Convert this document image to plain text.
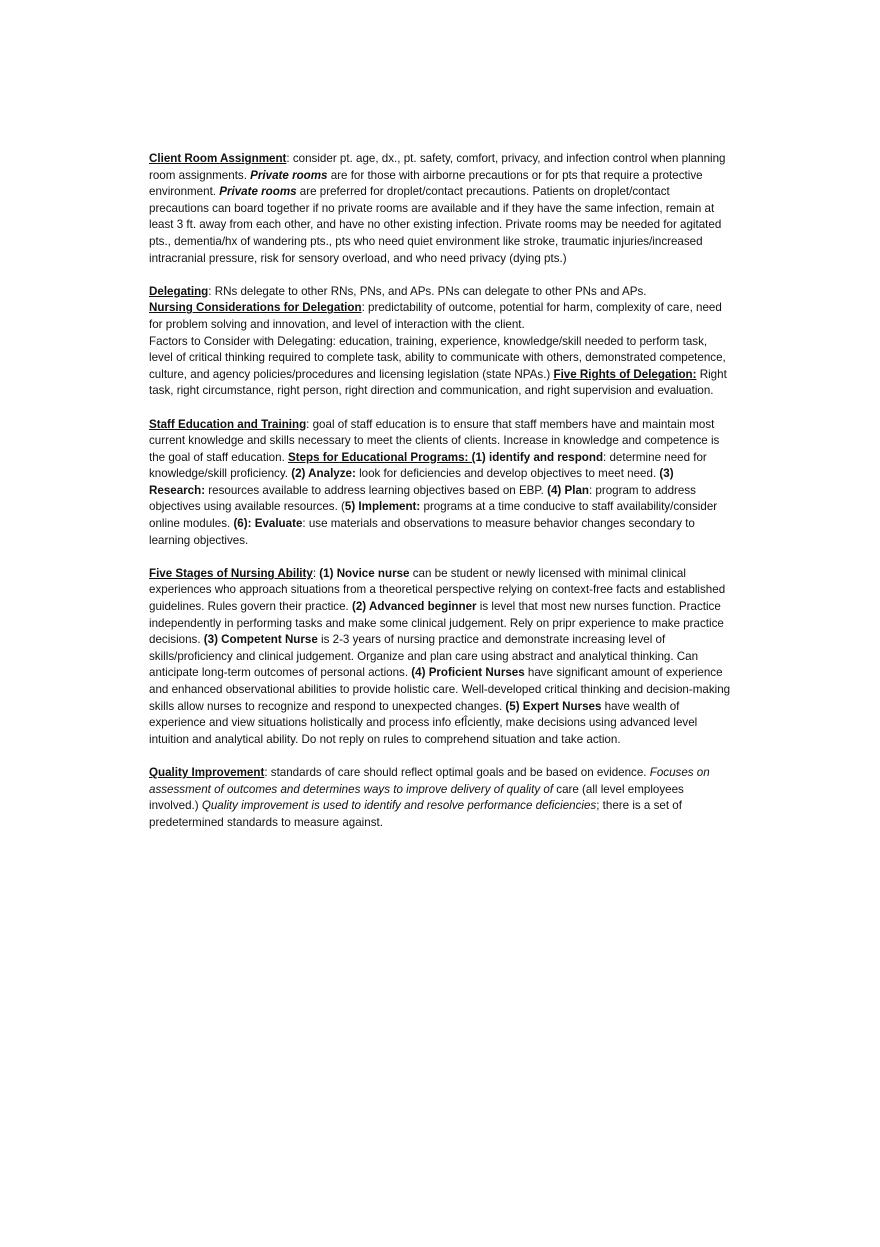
Client Room Assignment: consider pt. age, dx., pt. safety, comfort, privacy, and infection control when planning room assignments. Private rooms are for those with airborne precautions or for pts that require a protective environment. Private rooms are preferred for droplet/contact precautions. Patients on droplet/contact precautions can board together if no private rooms are available and if they have the same infection, remain at least 3 ft. away from each other, and have no other existing infection. Private rooms may be needed for agitated pts., dementia/hx of wandering pts., pts who need quiet environment like stroke, traumatic injuries/increased intracranial pressure, risk for sensory overload, and who need privacy (dying pts.)

Delegating: RNs delegate to other RNs, PNs, and APs. PNs can delegate to other PNs and APs.

Nursing Considerations for Delegation: predictability of outcome, potential for harm, complexity of care, need for problem solving and innovation, and level of interaction with the client.

Factors to Consider with Delegating: education, training, experience, knowledge/skill needed to perform task, level of critical thinking required to complete task, ability to communicate with others, demonstrated competence, culture, and agency policies/procedures and licensing legislation (state NPAs.) Five Rights of Delegation: Right task, right circumstance, right person, right direction and communication, and right supervision and evaluation.

Staff Education and Training: goal of staff education is to ensure that staff members have and maintain most current knowledge and skills necessary to meet the clients of clients. Increase in knowledge and competence is the goal of staff education. Steps for Educational Programs: (1) identify and respond: determine need for knowledge/skill proficiency. (2) Analyze: look for deficiencies and develop objectives to meet need. (3) Research: resources available to address learning objectives based on EBP. (4) Plan: program to address objectives using available resources. (5) Implement: programs at a time conducive to staff availability/consider online modules. (6): Evaluate: use materials and observations to measure behavior changes secondary to learning objectives.

Five Stages of Nursing Ability: (1) Novice nurse can be student or newly licensed with minimal clinical experiences who approach situations from a theoretical perspective relying on context-free facts and established guidelines. Rules govern their practice. (2) Advanced beginner is level that most new nurses function. Practice independently in performing tasks and make some clinical judgement. Rely on pripr experience to make practice decisions. (3) Competent Nurse is 2-3 years of nursing practice and demonstrate increasing level of skills/proficiency and clinical judgement. Organize and plan care using abstract and analytical thinking. Can anticipate long-term outcomes of personal actions. (4) Proficient Nurses have significant amount of experience and enhanced observational abilities to provide holistic care. Well-developed critical thinking and decision-making skills allow nurses to recognize and respond to unexpected changes. (5) Expert Nurses have wealth of experience and view situations holistically and process info efÎciently, make decisions using advanced level intuition and analytical ability. Do not reply on rules to comprehend situation and take action.

Quality Improvement: standards of care should reflect optimal goals and be based on evidence. Focuses on assessment of outcomes and determines ways to improve delivery of quality of care (all level employees involved.) Quality improvement is used to identify and resolve performance deficiencies; there is a set of predetermined standards to measure against.
